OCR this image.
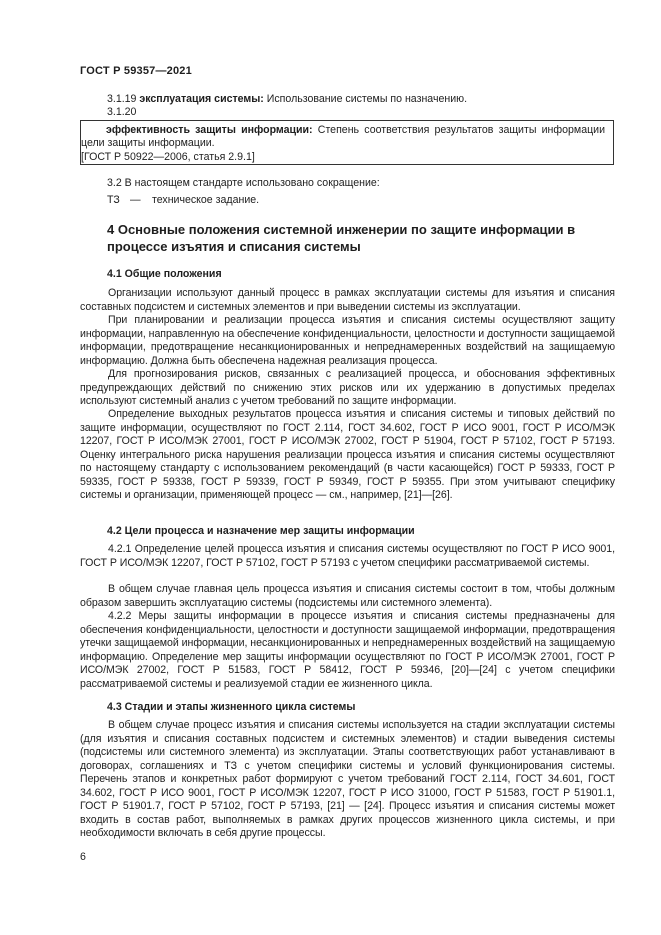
ГОСТ Р 59357—2021
3.1.19 эксплуатация системы: Использование системы по назначению.
3.1.20
эффективность защиты информации: Степень соответствия результатов защиты информации цели защиты информации.
[ГОСТ Р 50922—2006, статья 2.9.1]
3.2 В настоящем стандарте использовано сокращение:
ТЗ — техническое задание.
4 Основные положения системной инженерии по защите информации в процессе изъятия и списания системы
4.1 Общие положения
Организации используют данный процесс в рамках эксплуатации системы для изъятия и списания составных подсистем и системных элементов и при выведении системы из эксплуатации.
При планировании и реализации процесса изъятия и списания системы осуществляют защиту информации, направленную на обеспечение конфиденциальности, целостности и доступности защищаемой информации, предотвращение несанкционированных и непреднамеренных воздействий на защищаемую информацию. Должна быть обеспечена надежная реализация процесса.
Для прогнозирования рисков, связанных с реализацией процесса, и обоснования эффективных предупреждающих действий по снижению этих рисков или их удержанию в допустимых пределах используют системный анализ с учетом требований по защите информации.
Определение выходных результатов процесса изъятия и списания системы и типовых действий по защите информации, осуществляют по ГОСТ 2.114, ГОСТ 34.602, ГОСТ Р ИСО 9001, ГОСТ Р ИСО/МЭК 12207, ГОСТ Р ИСО/МЭК 27001, ГОСТ Р ИСО/МЭК 27002, ГОСТ Р 51904, ГОСТ Р 57102, ГОСТ Р 57193. Оценку интегрального риска нарушения реализации процесса изъятия и списания системы осуществляют по настоящему стандарту с использованием рекомендаций (в части касающейся) ГОСТ Р 59333, ГОСТ Р 59335, ГОСТ Р 59338, ГОСТ Р 59339, ГОСТ Р 59349, ГОСТ Р 59355. При этом учитывают специфику системы и организации, применяющей процесс — см., например, [21]—[26].
4.2 Цели процесса и назначение мер защиты информации
4.2.1 Определение целей процесса изъятия и списания системы осуществляют по ГОСТ Р ИСО 9001, ГОСТ Р ИСО/МЭК 12207, ГОСТ Р 57102, ГОСТ Р 57193 с учетом специфики рассматриваемой системы.
В общем случае главная цель процесса изъятия и списания системы состоит в том, чтобы должным образом завершить эксплуатацию системы (подсистемы или системного элемента).
4.2.2 Меры защиты информации в процессе изъятия и списания системы предназначены для обеспечения конфиденциальности, целостности и доступности защищаемой информации, предотвращения утечки защищаемой информации, несанкционированных и непреднамеренных воздействий на защищаемую информацию. Определение мер защиты информации осуществляют по ГОСТ Р ИСО/МЭК 27001, ГОСТ Р ИСО/МЭК 27002, ГОСТ Р 51583, ГОСТ Р 58412, ГОСТ Р 59346, [20]—[24] с учетом специфики рассматриваемой системы и реализуемой стадии ее жизненного цикла.
4.3 Стадии и этапы жизненного цикла системы
В общем случае процесс изъятия и списания системы используется на стадии эксплуатации системы (для изъятия и списания составных подсистем и системных элементов) и стадии выведения системы (подсистемы или системного элемента) из эксплуатации. Этапы соответствующих работ устанавливают в договорах, соглашениях и ТЗ с учетом специфики системы и условий функционирования системы. Перечень этапов и конкретных работ формируют с учетом требований ГОСТ 2.114, ГОСТ 34.601, ГОСТ 34.602, ГОСТ Р ИСО 9001, ГОСТ Р ИСО/МЭК 12207, ГОСТ Р ИСО 31000, ГОСТ Р 51583, ГОСТ Р 51901.1, ГОСТ Р 51901.7, ГОСТ Р 57102, ГОСТ Р 57193, [21] — [24]. Процесс изъятия и списания системы может входить в состав работ, выполняемых в рамках других процессов жизненного цикла системы, и при необходимости включать в себя другие процессы.
6
